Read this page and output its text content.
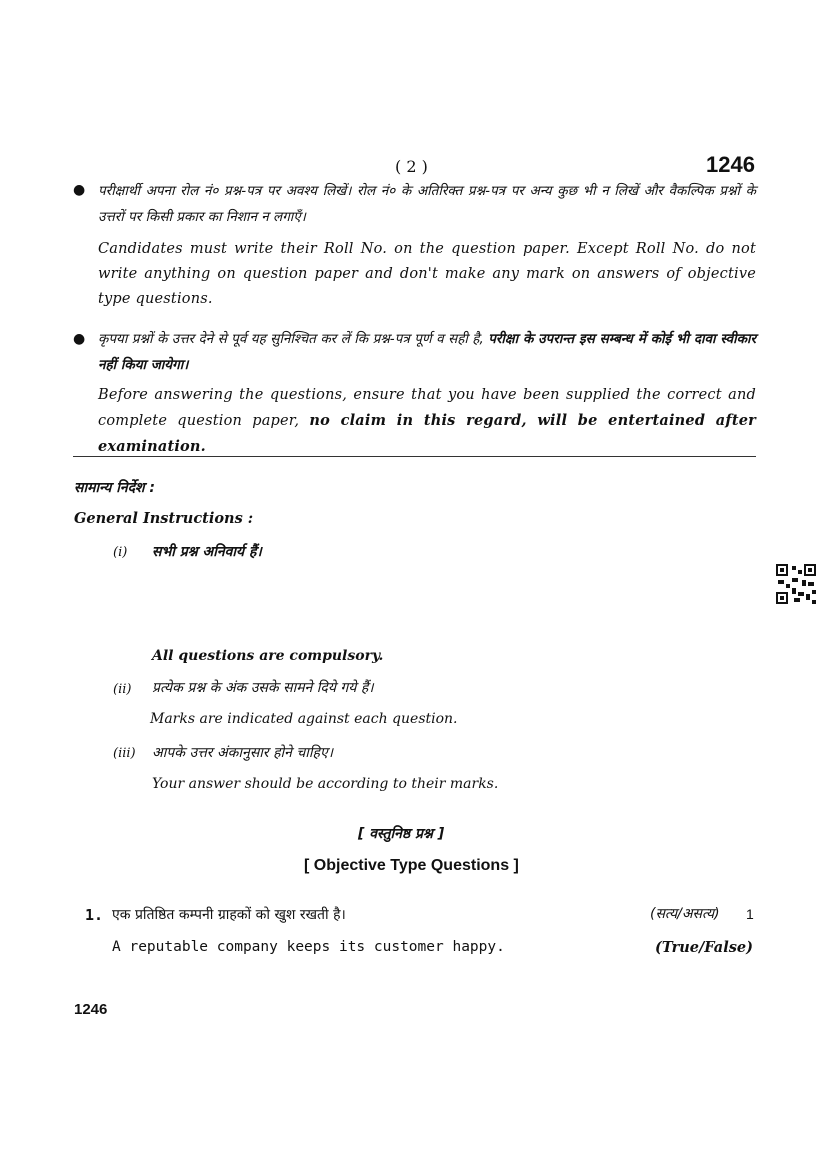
( 2 )	1246
● परीक्षार्थी अपना रोल नं० प्रश्न-पत्र पर अवश्य लिखें। रोल नं० के अतिरिक्त प्रश्न-पत्र पर अन्य कुछ भी न लिखें और वैकल्पिक प्रश्नों के उत्तरों पर किसी प्रकार का निशान न लगाएँ।
Candidates must write their Roll No. on the question paper. Except Roll No. do not write anything on question paper and don't make any mark on answers of objective type questions.
● कृपया प्रश्नों के उत्तर देने से पूर्व यह सुनिश्चित कर लें कि प्रश्न-पत्र पूर्ण व सही है, परीक्षा के उपरान्त इस सम्बन्ध में कोई भी दावा स्वीकार नहीं किया जायेगा।
Before answering the questions, ensure that you have been supplied the correct and complete question paper, no claim in this regard, will be entertained after examination.
सामान्य निर्देश :
General Instructions :
(i) सभी प्रश्न अनिवार्य हैं।
All questions are compulsory.
(ii) प्रत्येक प्रश्न के अंक उसके सामने दिये गये हैं।
Marks are indicated against each question.
(iii) आपके उत्तर अंकानुसार होने चाहिए।
Your answer should be according to their marks.
[ वस्तुनिष्ठ प्रश्न ]
[ Objective Type Questions ]
1. एक प्रतिष्ठित कम्पनी ग्राहकों को खुश रखती है।	(सत्य/असत्य) 1
A reputable company keeps its customer happy.	(True/False)
1246
